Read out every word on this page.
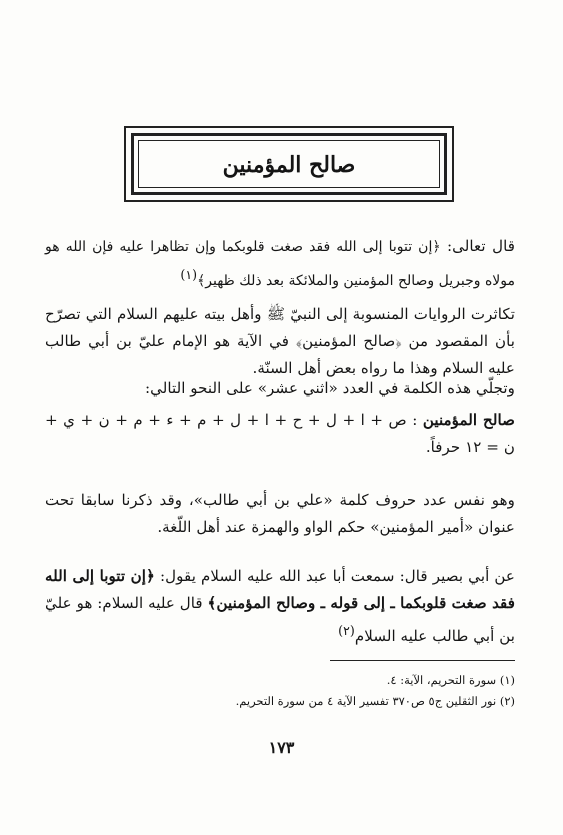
صالح المؤمنين

قال تعالى: ﴿إن تتوبا إلى الله فقد صغت قلوبكما وإن تظاهرا عليه فإن الله هو مولاه وجبريل وصالح المؤمنين والملائكة بعد ذلك ظهير﴾$^{(١)}$

تكاثرت الروايات المنسوبة إلى النبيّ ﷺ وأهل بيته عليهم السلام التي تصرّح بأن المقصود من ﴿صالح المؤمنين﴾ في الآية هو الإمام عليّ بن أبي طالب عليه السلام وهذا ما رواه بعض أهل السنّة.

وتجلّي هذه الكلمة في العدد «اثني عشر» على النحو التالي:

صالح المؤمنين : ص + ا + ل + ح + ا + ل + م + ء + م + ن + ي + ن = ١٢ حرفاً.

وهو نفس عدد حروف كلمة «علي بن أبي طالب»، وقد ذكرنا سابقا تحت عنوان «أمير المؤمنين» حكم الواو والهمزة عند أهل اللّغة.

عن أبي بصير قال: سمعت أبا عبد الله عليه السلام يقول: ﴿إن تتوبا إلى الله فقد صغت قلوبكما ـ إلى قوله ـ وصالح المؤمنين﴾ قال عليه السلام: هو عليّ بن أبي طالب عليه السلام$^{(٢)}$

(١) سورة التحريم، الآية: ٤.
(٢) نور الثقلين ج٥ ص٣٧٠ تفسير الآية ٤ من سورة التحريم.
١٧٣
